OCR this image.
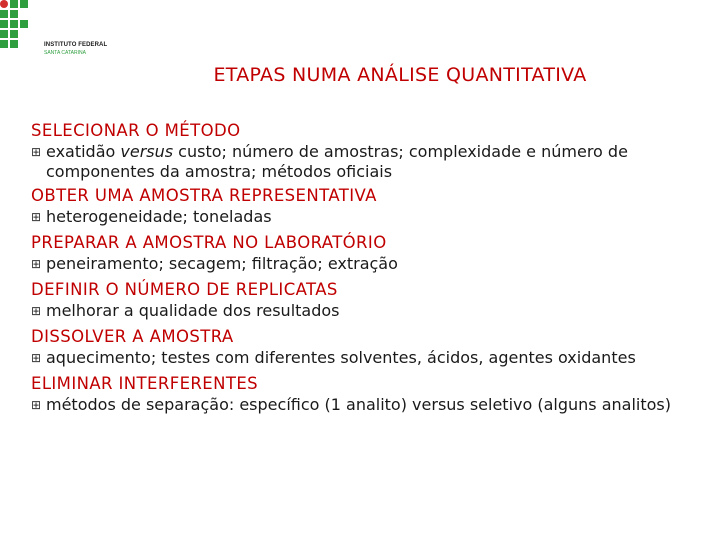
INSTITUTO FEDERAL
SANTA CATARINA
ETAPAS NUMA ANÁLISE QUANTITATIVA
SELECIONAR O MÉTODO
⊞ exatidão versus custo; número de amostras; complexidade e número de componentes da amostra; métodos oficiais
OBTER UMA AMOSTRA REPRESENTATIVA
⊞ heterogeneidade; toneladas
PREPARAR A AMOSTRA NO LABORATÓRIO
⊞ peneiramento; secagem; filtração; extração
DEFINIR O NÚMERO DE REPLICATAS
⊞ melhorar a qualidade dos resultados
DISSOLVER A AMOSTRA
⊞ aquecimento; testes com diferentes solventes, ácidos, agentes oxidantes
ELIMINAR INTERFERENTES
⊞ métodos de separação: específico (1 analito) versus seletivo (alguns analitos)
